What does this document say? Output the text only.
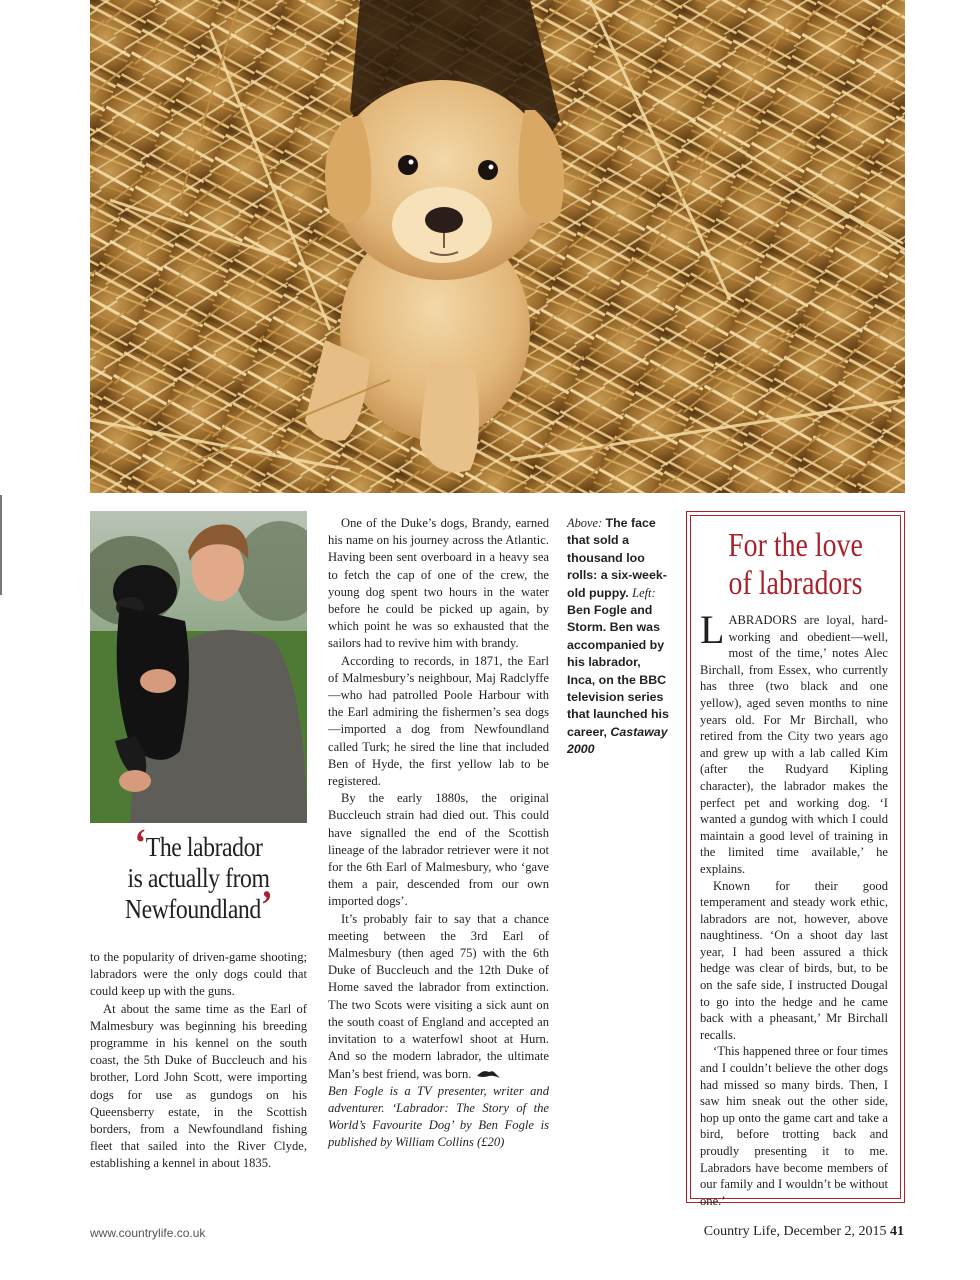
‘The labrador
is actually from
Newfoundland’

to the popularity of driven-game shooting; labradors were the only dogs could that could keep up with the guns.

At about the same time as the Earl of Malmesbury was beginning his breeding programme in his kennel on the south coast, the 5th Duke of Buccleuch and his brother, Lord John Scott, were importing dogs for use as gundogs on his Queensberry estate, in the Scottish borders, from a Newfoundland fishing fleet that sailed into the River Clyde, establishing a kennel in about 1835.

One of the Duke’s dogs, Brandy, earned his name on his journey across the Atlantic. Having been sent overboard in a heavy sea to fetch the cap of one of the crew, the young dog spent two hours in the water before he could be picked up again, by which point he was so exhausted that the sailors had to revive him with brandy.

According to records, in 1871, the Earl of Malmesbury’s neighbour, Maj Radclyffe—who had patrolled Poole Harbour with the Earl admiring the fishermen’s sea dogs—imported a dog from Newfoundland called Turk; he sired the line that included Ben of Hyde, the first yellow lab to be registered.

By the early 1880s, the original Buccleuch strain had died out. This could have signalled the end of the Scottish lineage of the labrador retriever were it not for the 6th Earl of Malmesbury, who ‘gave them a pair, descended from our own imported dogs’.

It’s probably fair to say that a chance meeting between the 3rd Earl of Malmesbury (then aged 75) with the 6th Duke of Buccleuch and the 12th Duke of Home saved the labrador from extinction. The two Scots were visiting a sick aunt on the south coast of England and accepted an invitation to a waterfowl shoot at Hurn. And so the modern labrador, the ultimate Man’s best friend, was born.

Ben Fogle is a TV presenter, writer and adventurer. ‘Labrador: The Story of the World’s Favourite Dog’ by Ben Fogle is published by William Collins (£20)

Above: The face that sold a thousand loo rolls: a six-week-old puppy. Left: Ben Fogle and Storm. Ben was accompanied by his labrador, Inca, on the BBC television series that launched his career, Castaway 2000
For the love
of labradors

LABRADORS are loyal, hard-working and obedient—well, most of the time,’ notes Alec Birchall, from Essex, who currently has three (two black and one yellow), aged seven months to nine years old. For Mr Birchall, who retired from the City two years ago and grew up with a lab called Kim (after the Rudyard Kipling character), the labrador makes the perfect pet and working dog. ‘I wanted a gundog with which I could maintain a good level of training in the limited time available,’ he explains.

Known for their good temperament and steady work ethic, labradors are not, however, above naughtiness. ‘On a shoot day last year, I had been assured a thick hedge was clear of birds, but, to be on the safe side, I instructed Dougal to go into the hedge and he came back with a pheasant,’ Mr Birchall recalls.

‘This happened three or four times and I couldn’t believe the other dogs had missed so many birds. Then, I saw him sneak out the other side, hop up onto the game cart and take a bird, before trotting back and proudly presenting it to me. Labradors have become members of our family and I wouldn’t be without one.’

www.countrylife.co.uk	Country Life, December 2, 2015 41
